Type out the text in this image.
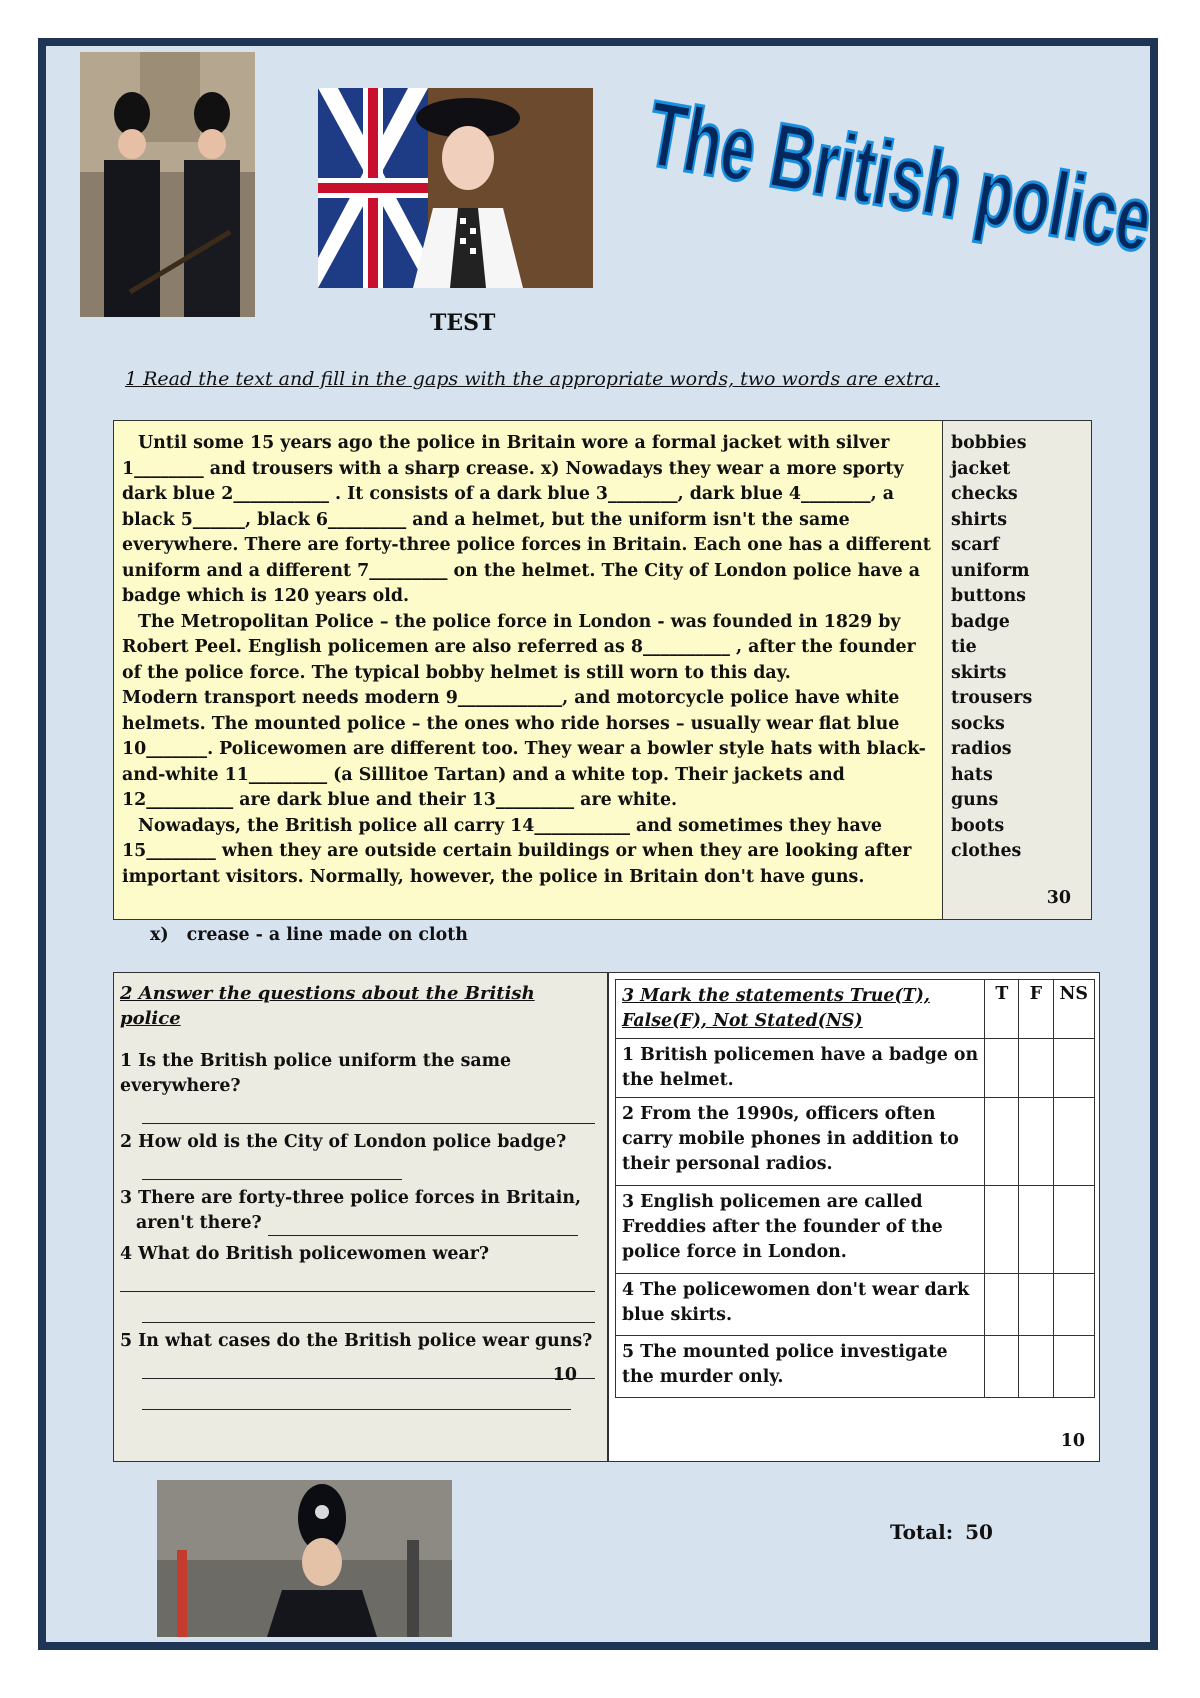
The British police
TEST
1 Read the text and fill in the gaps with the appropriate words, two words are extra.
Until some 15 years ago the police in Britain wore a formal jacket with silver 1________ and trousers with a sharp crease. x) Nowadays they wear a more sporty dark blue 2___________ . It consists of a dark blue 3________, dark blue 4________, a black 5______, black 6_________ and a helmet, but the uniform isn't the same everywhere. There are forty-three police forces in Britain. Each one has a different uniform and a different 7_________ on the helmet. The City of London police have a badge which is 120 years old.
The Metropolitan Police – the police force in London - was founded in 1829 by Robert Peel. English policemen are also referred as 8__________ , after the founder of the police force. The typical bobby helmet is still worn to this day.
Modern transport needs modern 9____________, and motorcycle police have white helmets. The mounted police – the ones who ride horses – usually wear flat blue 10_______. Policewomen are different too. They wear a bowler style hats with black-and-white 11_________ (a Sillitoe Tartan) and a white top. Their jackets and 12__________ are dark blue and their 13_________ are white.
Nowadays, the British police all carry 14___________ and sometimes they have 15________ when they are outside certain buildings or when they are looking after important visitors. Normally, however, the police in Britain don't have guns.
bobbies
jacket
checks
shirts
scarf
uniform
buttons
badge
tie
skirts
trousers
socks
radios
hats
guns
boots
clothes
30
x) crease - a line made on cloth
2 Answer the questions about the British police
1 Is the British police uniform the same everywhere?
2 How old is the City of London police badge?
3 There are forty-three police forces in Britain,
aren't there?
4 What do British policewomen wear?
5 In what cases do the British police wear guns?
10
3 Mark the statements True(T), False(F), Not Stated(NS)	T	F	NS
1 British policemen have a badge on the helmet.			
2 From the 1990s, officers often carry mobile phones in addition to their personal radios.			
3 English policemen are called Freddies after the founder of the police force in London.			
4 The policewomen don't wear dark blue skirts.			
5 The mounted police investigate the murder only.			
10
Total: 50
